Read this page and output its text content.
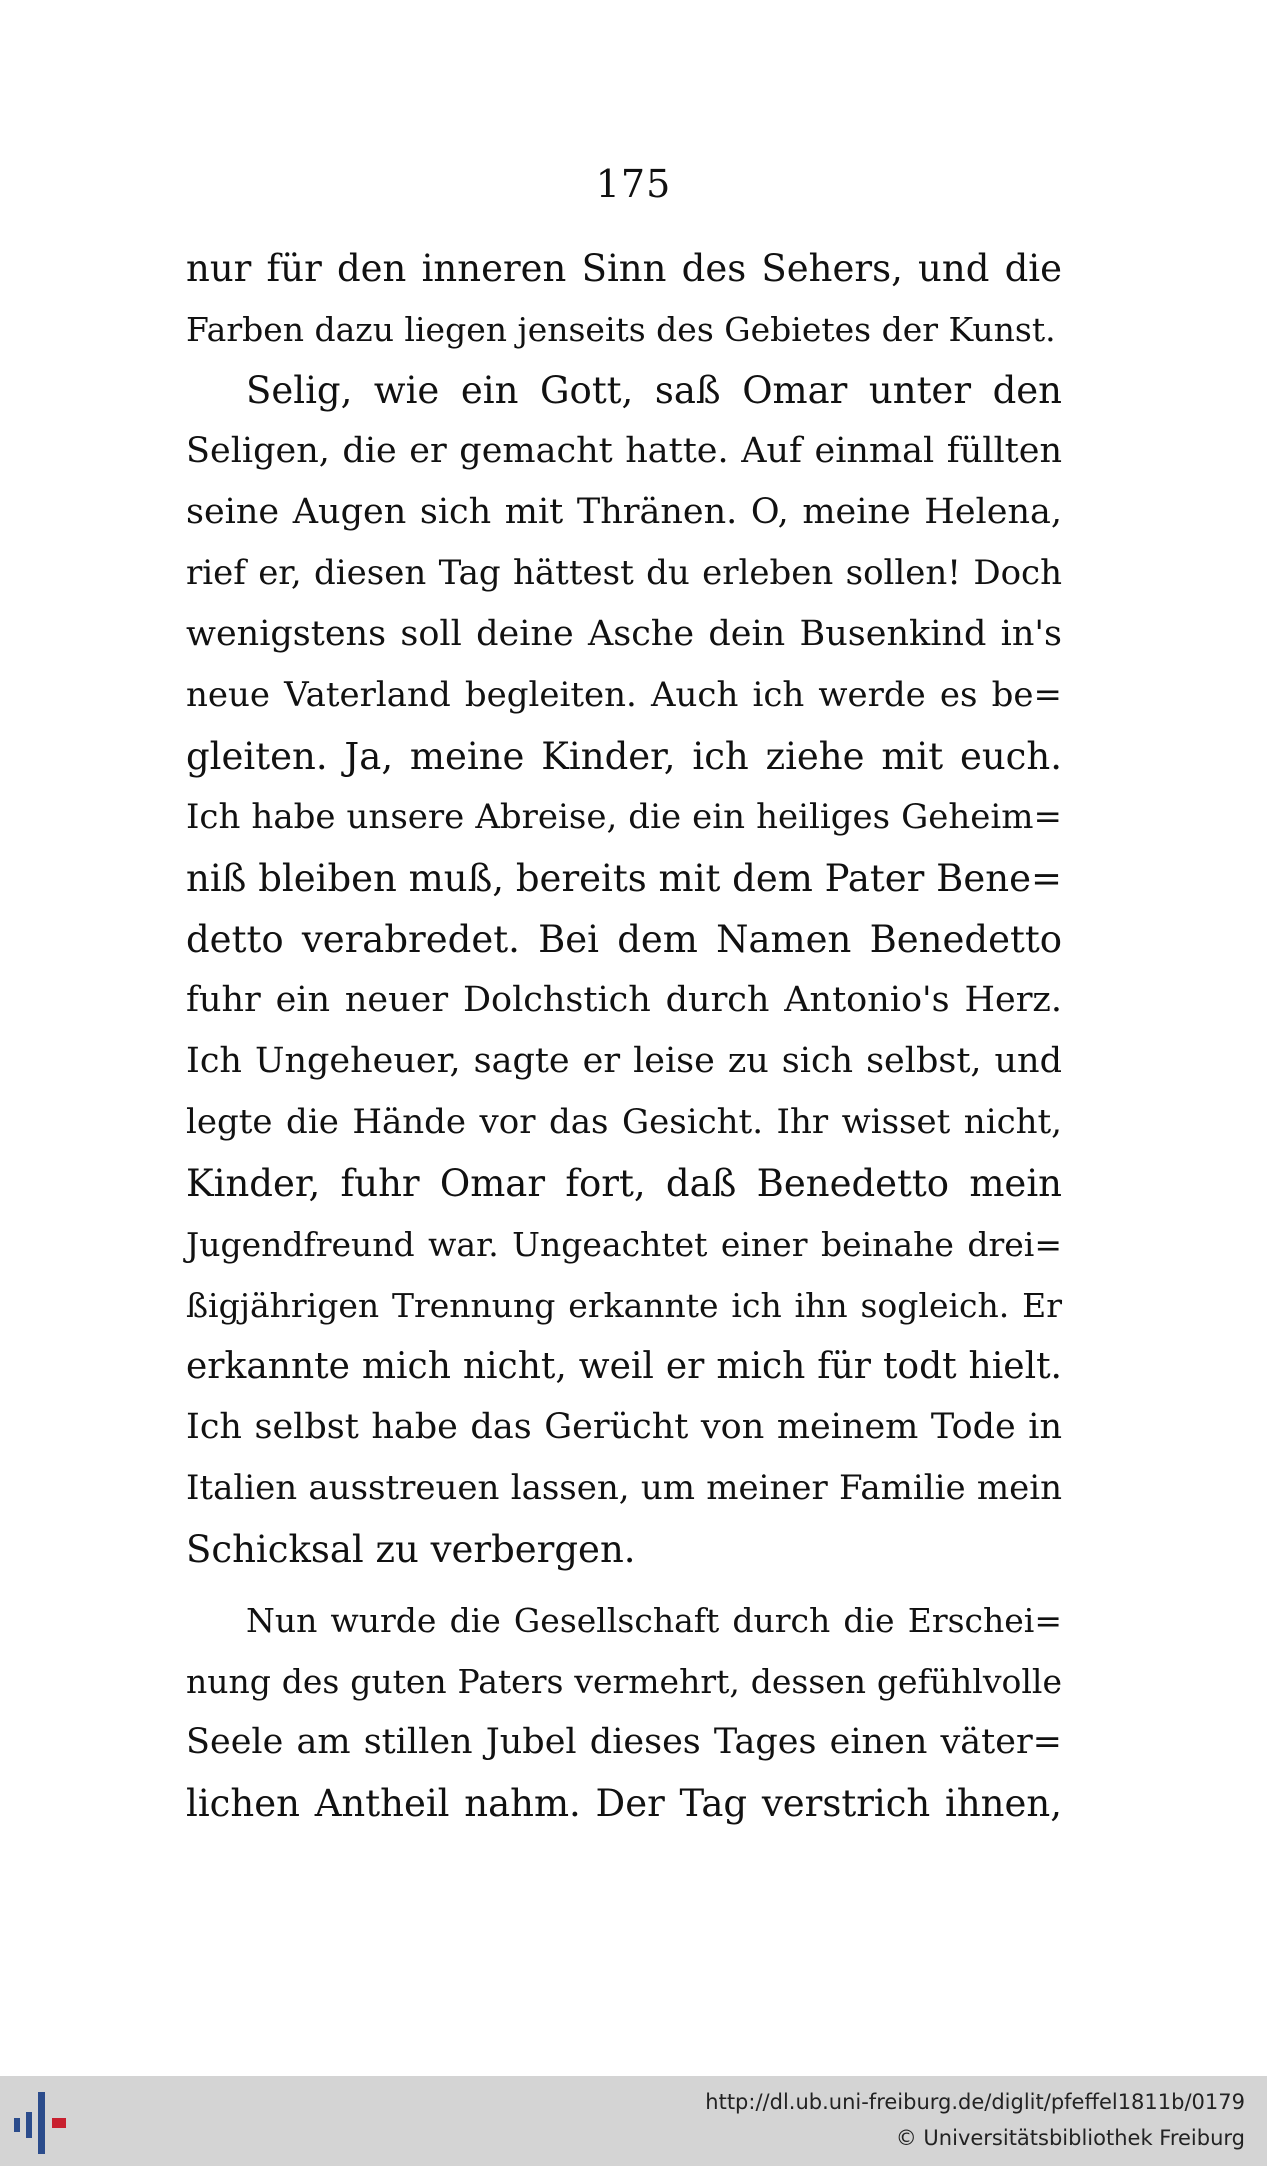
175
nur für den inneren Sinn des Sehers, und die
Farben dazu liegen jenseits des Gebietes der Kunst.
Selig, wie ein Gott, saß Omar unter den
Seligen, die er gemacht hatte. Auf einmal füllten
seine Augen sich mit Thränen. O, meine Helena,
rief er, diesen Tag hättest du erleben sollen! Doch
wenigstens soll deine Asche dein Busenkind in's
neue Vaterland begleiten. Auch ich werde es be=
gleiten. Ja, meine Kinder, ich ziehe mit euch.
Ich habe unsere Abreise, die ein heiliges Geheim=
niß bleiben muß, bereits mit dem Pater Bene=
detto verabredet. Bei dem Namen Benedetto
fuhr ein neuer Dolchstich durch Antonio's Herz.
Ich Ungeheuer, sagte er leise zu sich selbst, und
legte die Hände vor das Gesicht. Ihr wisset nicht,
Kinder, fuhr Omar fort, daß Benedetto mein
Jugendfreund war. Ungeachtet einer beinahe drei=
ßigjährigen Trennung erkannte ich ihn sogleich. Er
erkannte mich nicht, weil er mich für todt hielt.
Ich selbst habe das Gerücht von meinem Tode in
Italien ausstreuen lassen, um meiner Familie mein
Schicksal zu verbergen.
Nun wurde die Gesellschaft durch die Erschei=
nung des guten Paters vermehrt, dessen gefühlvolle
Seele am stillen Jubel dieses Tages einen väter=
lichen Antheil nahm. Der Tag verstrich ihnen,
http://dl.ub.uni-freiburg.de/diglit/pfeffel1811b/0179
© Universitätsbibliothek Freiburg
